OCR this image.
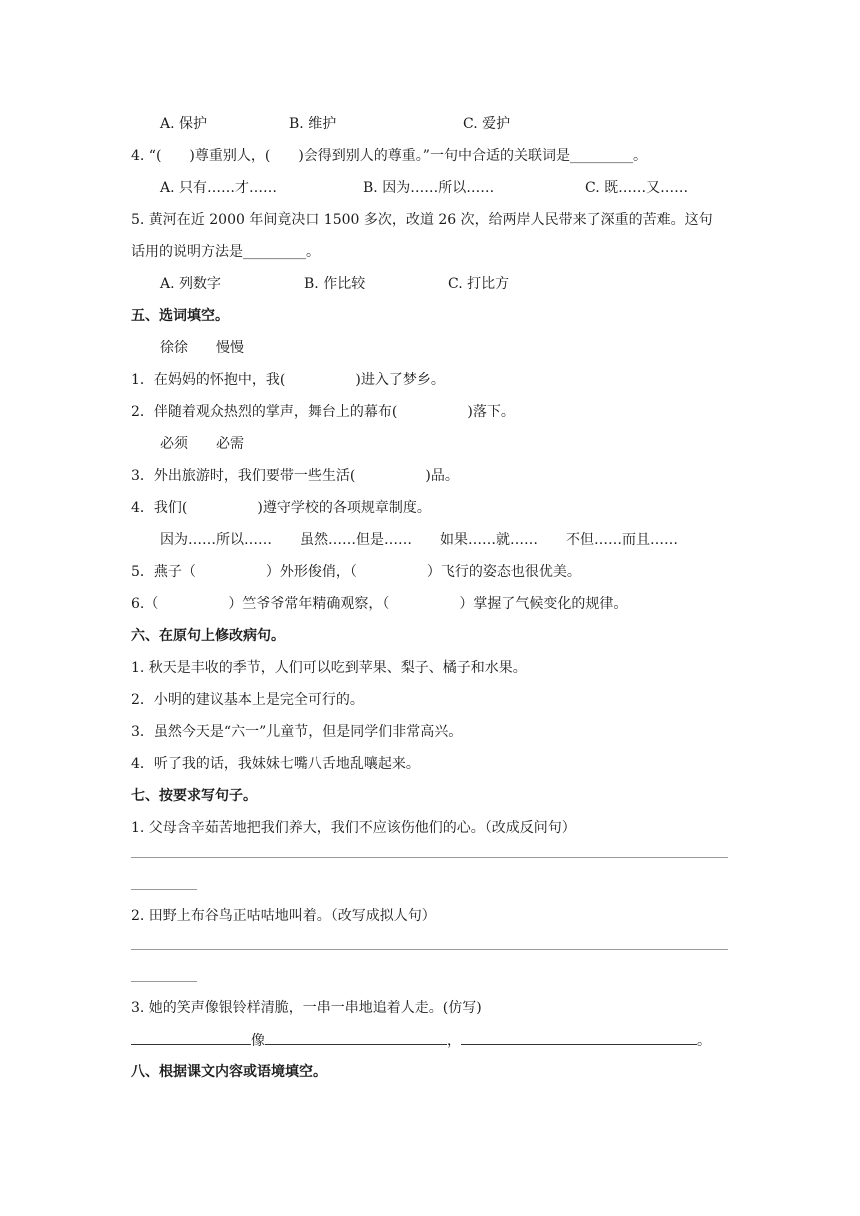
A. 保护	B. 维护	C. 爱护
4. “(　　)尊重别人，(　　)会得到别人的尊重。”一句中合适的关联词是_________。
A. 只有……才……	B. 因为……所以……	C. 既……又……
5. 黄河在近 2000 年间竟决口 1500 多次，改道 26 次，给两岸人民带来了深重的苦难。这句
话用的说明方法是_________。
A. 列数字	B. 作比较	C. 打比方
五、选词填空。
徐徐　　慢慢
1．在妈妈的怀抱中，我(　　　　　)进入了梦乡。
2．伴随着观众热烈的掌声，舞台上的幕布(　　　　　)落下。
必须　　必需
3．外出旅游时，我们要带一些生活(　　　　　)品。
4．我们(　　　　　)遵守学校的各项规章制度。
因为……所以……　　虽然……但是……　　如果……就……　　不但……而且……
5．燕子（　　　　　）外形俊俏，（　　　　　）飞行的姿态也很优美。
6.（　　　　　）竺爷爷常年精确观察，（　　　　　）掌握了气候变化的规律。
六、在原句上修改病句。
1. 秋天是丰收的季节，人们可以吃到苹果、梨子、橘子和水果。
2．小明的建议基本上是完全可行的。
3．虽然今天是“六一”儿童节，但是同学们非常高兴。
4．听了我的话，我妹妹七嘴八舌地乱嚷起来。
七、按要求写句子。
1. 父母含辛茹苦地把我们养大，我们不应该伤他们的心。（改成反问句）
2. 田野上布谷鸟正咕咕地叫着。（改写成拟人句）
3. 她的笑声像银铃样清脆，一串一串地追着人走。(仿写)
像	，	。
八、根据课文内容或语境填空。
